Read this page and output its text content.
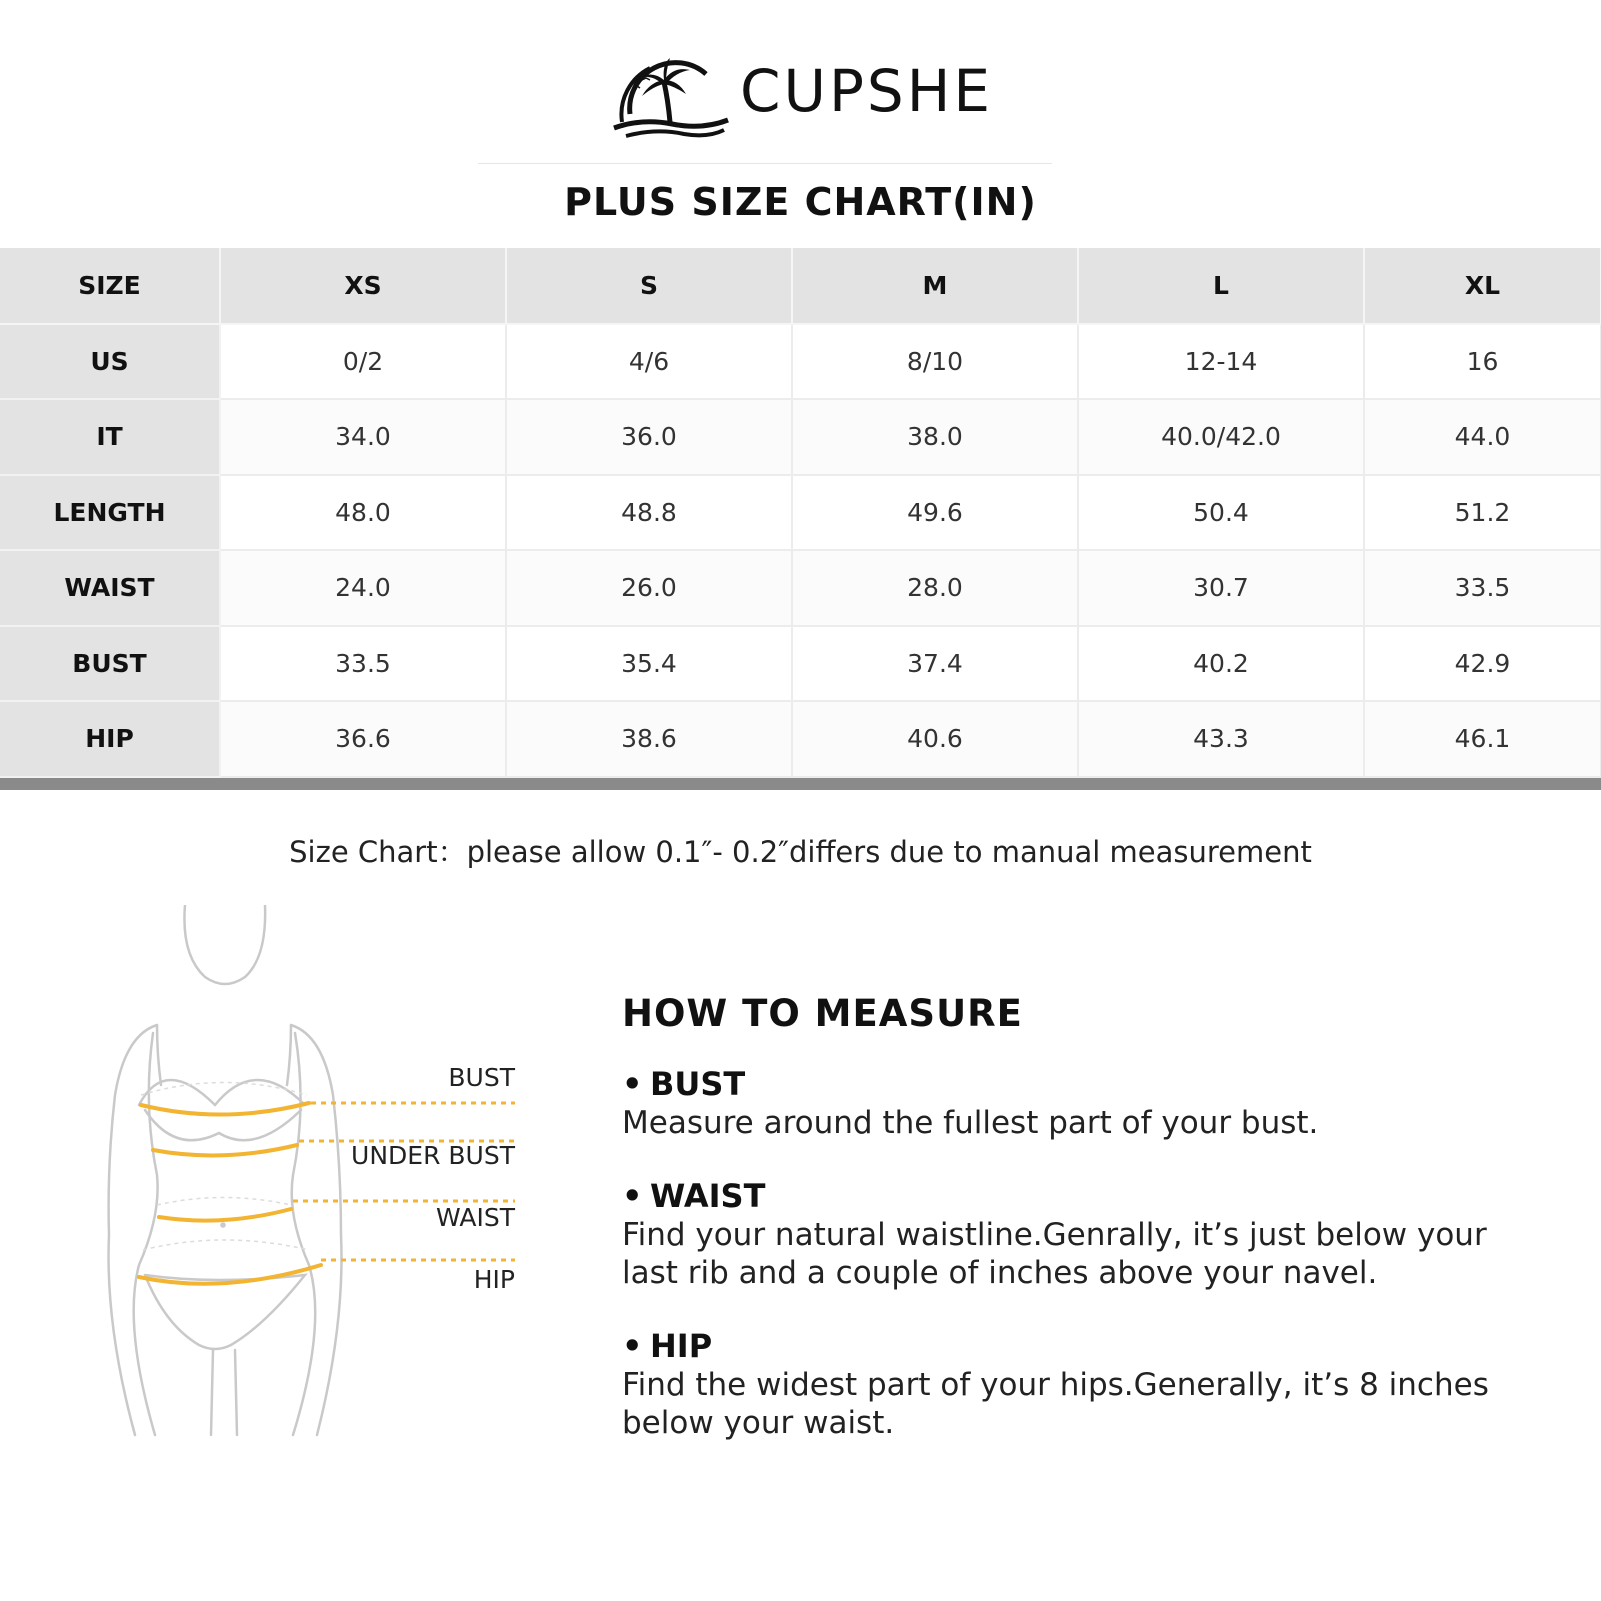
CUPSHE
PLUS SIZE CHART(IN)
SIZE	XS	S	M	L	XL
US	0/2	4/6	8/10	12-14	16
IT	34.0	36.0	38.0	40.0/42.0	44.0
LENGTH	48.0	48.8	49.6	50.4	51.2
WAIST	24.0	26.0	28.0	30.7	33.5
BUST	33.5	35.4	37.4	40.2	42.9
HIP	36.6	38.6	40.6	43.3	46.1
Size Chart：please allow 0.1″- 0.2″differs due to manual measurement
BUST
UNDER BUST
WAIST
HIP
HOW TO MEASURE
• BUST
Measure around the fullest part of your bust.
• WAIST
Find your natural waistline.Genrally, it’s just below your last rib and a couple of inches above your navel.
• HIP
Find the widest part of your hips.Generally, it’s 8 inches below your waist.
